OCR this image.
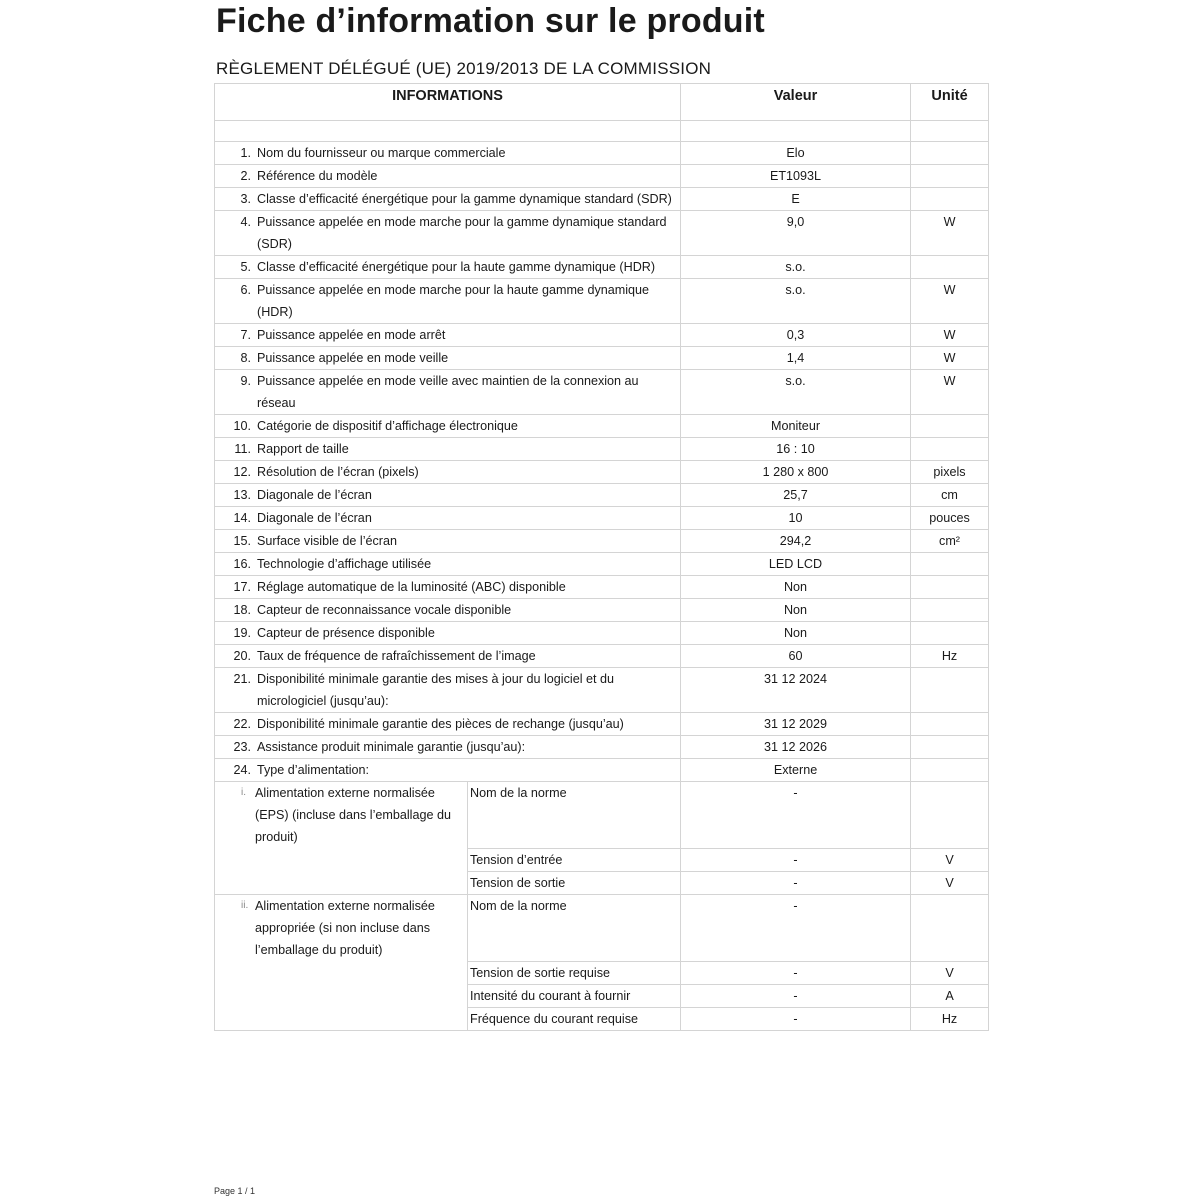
Fiche d’information sur le produit
RÈGLEMENT DÉLÉGUÉ (UE) 2019/2013 DE LA COMMISSION
INFORMATIONS		Valeur	Unité

1. Nom du fournisseur ou marque commerciale		Elo	
2. Référence du modèle		ET1093L	
3. Classe d’efficacité énergétique pour la gamme dynamique standard (SDR)		E	
4. Puissance appelée en mode marche pour la gamme dynamique standard (SDR)		9,0	W
5. Classe d’efficacité énergétique pour la haute gamme dynamique (HDR)		s.o.	
6. Puissance appelée en mode marche pour la haute gamme dynamique (HDR)		s.o.	W
7. Puissance appelée en mode arrêt		0,3	W
8. Puissance appelée en mode veille		1,4	W
9. Puissance appelée en mode veille avec maintien de la connexion au réseau		s.o.	W
10. Catégorie de dispositif d’affichage électronique		Moniteur	
11. Rapport de taille		16 : 10	
12. Résolution de l’écran (pixels)		1 280 x 800	pixels
13. Diagonale de l’écran		25,7	cm
14. Diagonale de l’écran		10	pouces
15. Surface visible de l’écran		294,2	cm²
16. Technologie d’affichage utilisée		LED LCD	
17. Réglage automatique de la luminosité (ABC) disponible		Non	
18. Capteur de reconnaissance vocale disponible		Non	
19. Capteur de présence disponible		Non	
20. Taux de fréquence de rafraîchissement de l’image		60	Hz
21. Disponibilité minimale garantie des mises à jour du logiciel et du micrologiciel (jusqu’au):		31 12 2024	
22. Disponibilité minimale garantie des pièces de rechange (jusqu’au)		31 12 2029	
23. Assistance produit minimale garantie (jusqu’au):		31 12 2026	
24. Type d’alimentation:		Externe	

i. Alimentation externe normalisée (EPS) (incluse dans l’emballage du produit)	Nom de la norme	-	
	Tension d’entrée	-	V
	Tension de sortie	-	V

ii. Alimentation externe normalisée appropriée (si non incluse dans l’emballage du produit)	Nom de la norme	-	
	Tension de sortie requise	-	V
	Intensité du courant à fournir	-	A
	Fréquence du courant requise	-	Hz
Page 1 / 1
